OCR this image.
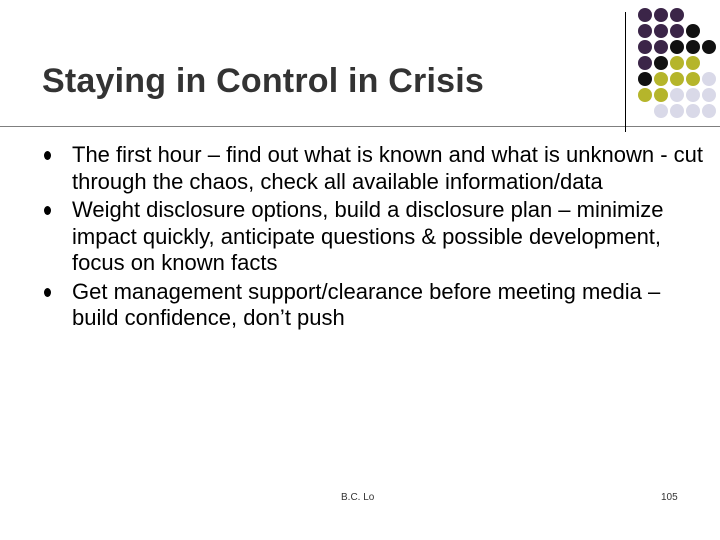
Staying in Control in Crisis
The first hour – find out what is known and what is unknown - cut through the chaos, check all available information/data
Weight disclosure options, build a disclosure plan – minimize impact quickly, anticipate questions & possible development, focus on known facts
Get management support/clearance before meeting media – build confidence, don’t push
B.C. Lo	105
